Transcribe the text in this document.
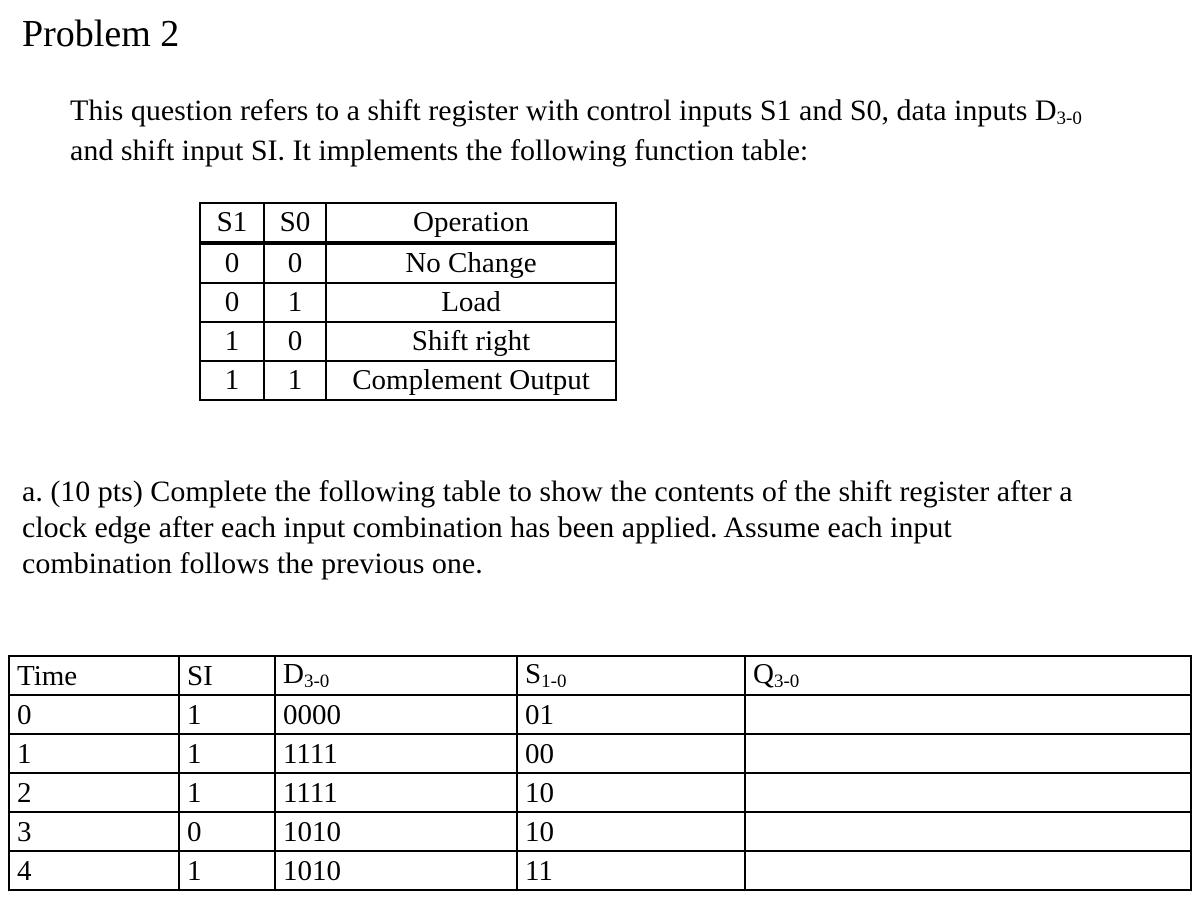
Problem 2

This question refers to a shift register with control inputs S1 and S0, data inputs D3-0
and shift input SI. It implements the following function table:

S1	S0	Operation
0	0	No Change
0	1	Load
1	0	Shift right
1	1	Complement Output

a. (10 pts) Complete the following table to show the contents of the shift register after a
clock edge after each input combination has been applied. Assume each input
combination follows the previous one.

Time	SI	D3-0	S1-0	Q3-0
0	1	0000	01	
1	1	1111	00	
2	1	1111	10	
3	0	1010	10	
4	1	1010	11	
